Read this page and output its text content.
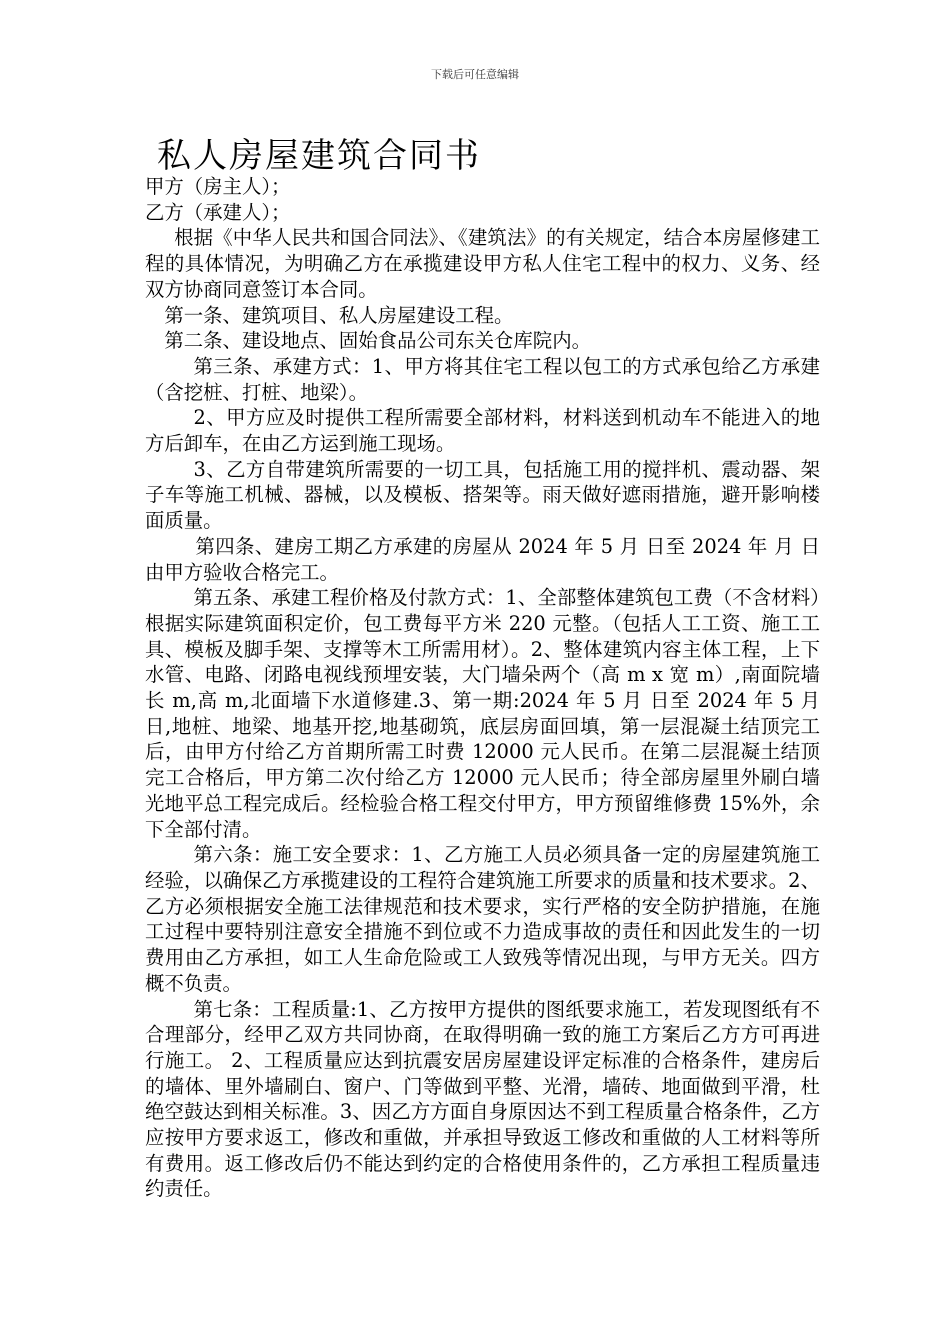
下载后可任意编辑
私人房屋建筑合同书

甲方（房主人）；

乙方（承建人）；

根据《中华人民共和国合同法》、《建筑法》的有关规定，结合本房屋修建工程的具体情况，为明确乙方在承揽建设甲方私人住宅工程中的权力、义务、经双方协商同意签订本合同。

第一条、建筑项目、私人房屋建设工程。

第二条、建设地点、固始食品公司东关仓库院内。

第三条、承建方式：1、甲方将其住宅工程以包工的方式承包给乙方承建（含挖桩、打桩、地梁）。

2、甲方应及时提供工程所需要全部材料，材料送到机动车不能进入的地方后卸车，在由乙方运到施工现场。

3、乙方自带建筑所需要的一切工具，包括施工用的搅拌机、震动器、架子车等施工机械、器械，以及模板、搭架等。雨天做好遮雨措施，避开影响楼面质量。

第四条、建房工期乙方承建的房屋从 2024 年 5 月 日至 2024 年 月 日由甲方验收合格完工。

第五条、承建工程价格及付款方式：1、全部整体建筑包工费（不含材料）根据实际建筑面积定价，包工费每平方米 220 元整。（包括人工工资、施工工具、模板及脚手架、支撑等木工所需用材）。2、整体建筑内容主体工程，上下水管、电路、闭路电视线预埋安装，大门墙朵两个（高 m x 宽 m）,南面院墙长 m,高 m,北面墙下水道修建.3、第一期:2024 年 5 月 日至 2024 年 5 月 日,地桩、地梁、地基开挖,地基砌筑，底层房面回填，第一层混凝土结顶完工后，由甲方付给乙方首期所需工时费 12000 元人民币。在第二层混凝土结顶完工合格后，甲方第二次付给乙方 12000 元人民币；待全部房屋里外刷白墙光地平总工程完成后。经检验合格工程交付甲方，甲方预留维修费 15%外，余下全部付清。

第六条：施工安全要求：1、乙方施工人员必须具备一定的房屋建筑施工经验，以确保乙方承揽建设的工程符合建筑施工所要求的质量和技术要求。2、乙方必须根据安全施工法律规范和技术要求，实行严格的安全防护措施，在施工过程中要特别注意安全措施不到位或不力造成事故的责任和因此发生的一切费用由乙方承担，如工人生命危险或工人致残等情况出现，与甲方无关。四方概不负责。

第七条：工程质量:1、乙方按甲方提供的图纸要求施工，若发现图纸有不合理部分，经甲乙双方共同协商，在取得明确一致的施工方案后乙方方可再进行施工。 2、工程质量应达到抗震安居房屋建设评定标准的合格条件，建房后的墙体、里外墙刷白、窗户、门等做到平整、光滑，墙砖、地面做到平滑，杜绝空鼓达到相关标准。3、因乙方方面自身原因达不到工程质量合格条件，乙方应按甲方要求返工，修改和重做，并承担导致返工修改和重做的人工材料等所有费用。返工修改后仍不能达到约定的合格使用条件的，乙方承担工程质量违约责任。
